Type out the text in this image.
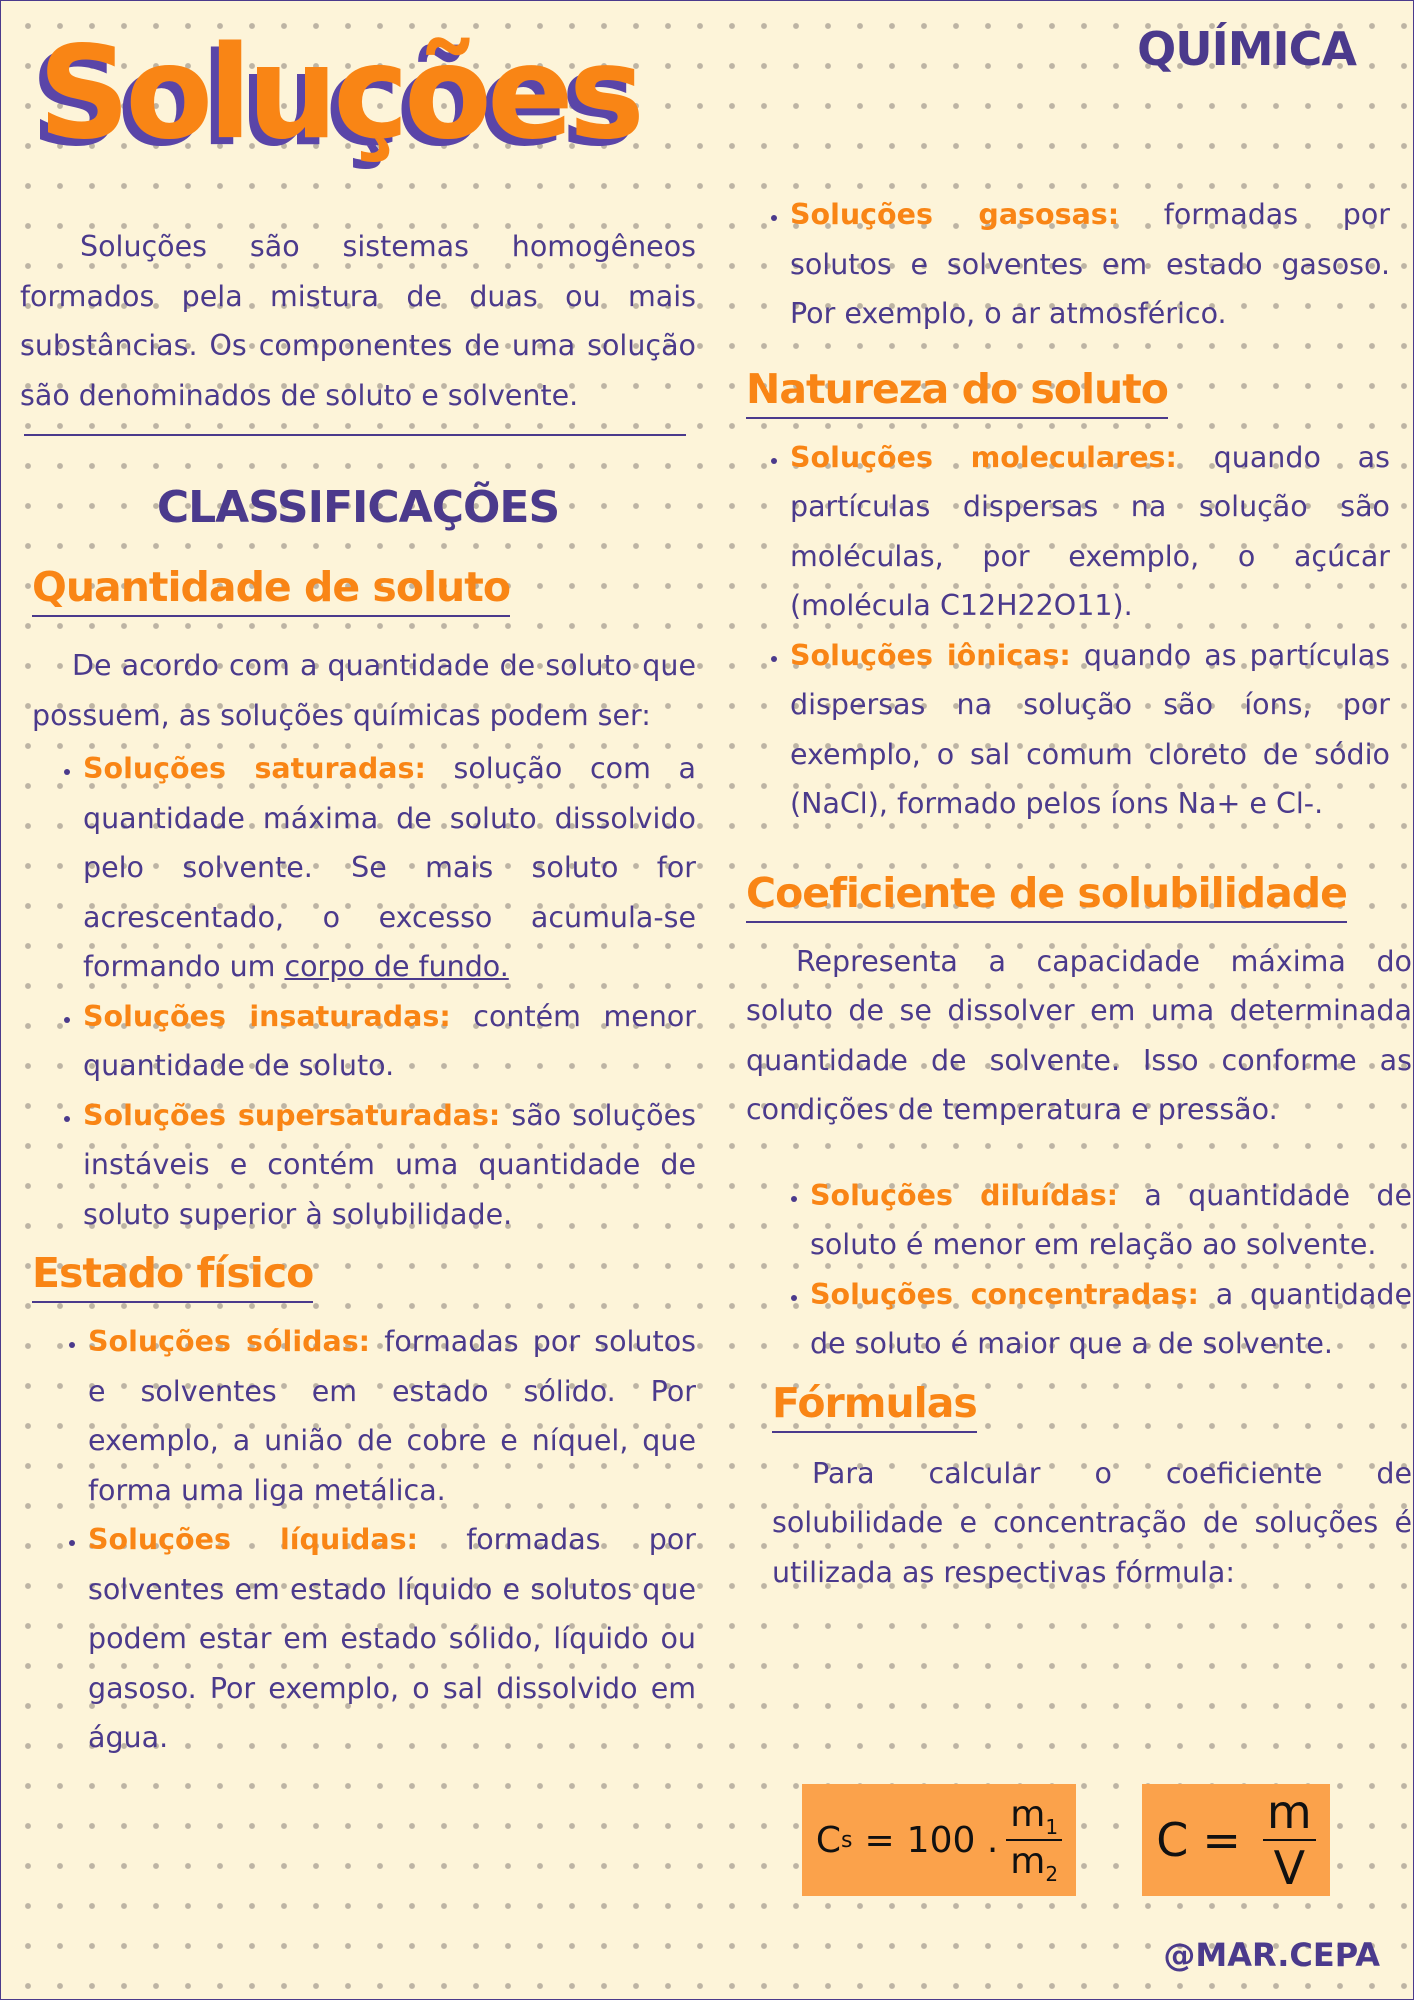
Soluções	QUÍMICA

Soluções são sistemas homogêneos formados pela mistura de duas ou mais substâncias. Os componentes de uma solução são denominados de soluto e solvente.

CLASSIFICAÇÕES
Quantidade de soluto

De acordo com a quantidade de soluto que possuem, as soluções químicas podem ser:

• Soluções saturadas: solução com a quantidade máxima de soluto dissolvido pelo solvente. Se mais soluto for acrescentado, o excesso acumula-se formando um corpo de fundo.
• Soluções insaturadas: contém menor quantidade de soluto.
• Soluções supersaturadas: são soluções instáveis e contém uma quantidade de soluto superior à solubilidade.
Estado físico
• Soluções sólidas: formadas por solutos e solventes em estado sólido. Por exemplo, a união de cobre e níquel, que forma uma liga metálica.
• Soluções líquidas: formadas por solventes em estado líquido e solutos que podem estar em estado sólido, líquido ou gasoso. Por exemplo, o sal dissolvido em água.
• Soluções gasosas: formadas por solutos e solventes em estado gasoso. Por exemplo, o ar atmosférico.
Natureza do soluto
• Soluções moleculares: quando as partículas dispersas na solução são moléculas, por exemplo, o açúcar (molécula C12H22O11).
• Soluções iônicas: quando as partículas dispersas na solução são íons, por exemplo, o sal comum cloreto de sódio (NaCl), formado pelos íons Na+ e Cl-.
Coeficiente de solubilidade

Representa a capacidade máxima do soluto de se dissolver em uma determinada quantidade de solvente. Isso conforme as condições de temperatura e pressão.

• Soluções diluídas: a quantidade de soluto é menor em relação ao solvente.
• Soluções concentradas: a quantidade de soluto é maior que a de solvente.
Fórmulas

Para calcular o coeficiente de solubilidade e concentração de soluções é utilizada as respectivas fórmula:

C s = 100 . $\frac{m_1}{m_2}$ $C = \frac{m}{V}$
@MAR.CEPA
